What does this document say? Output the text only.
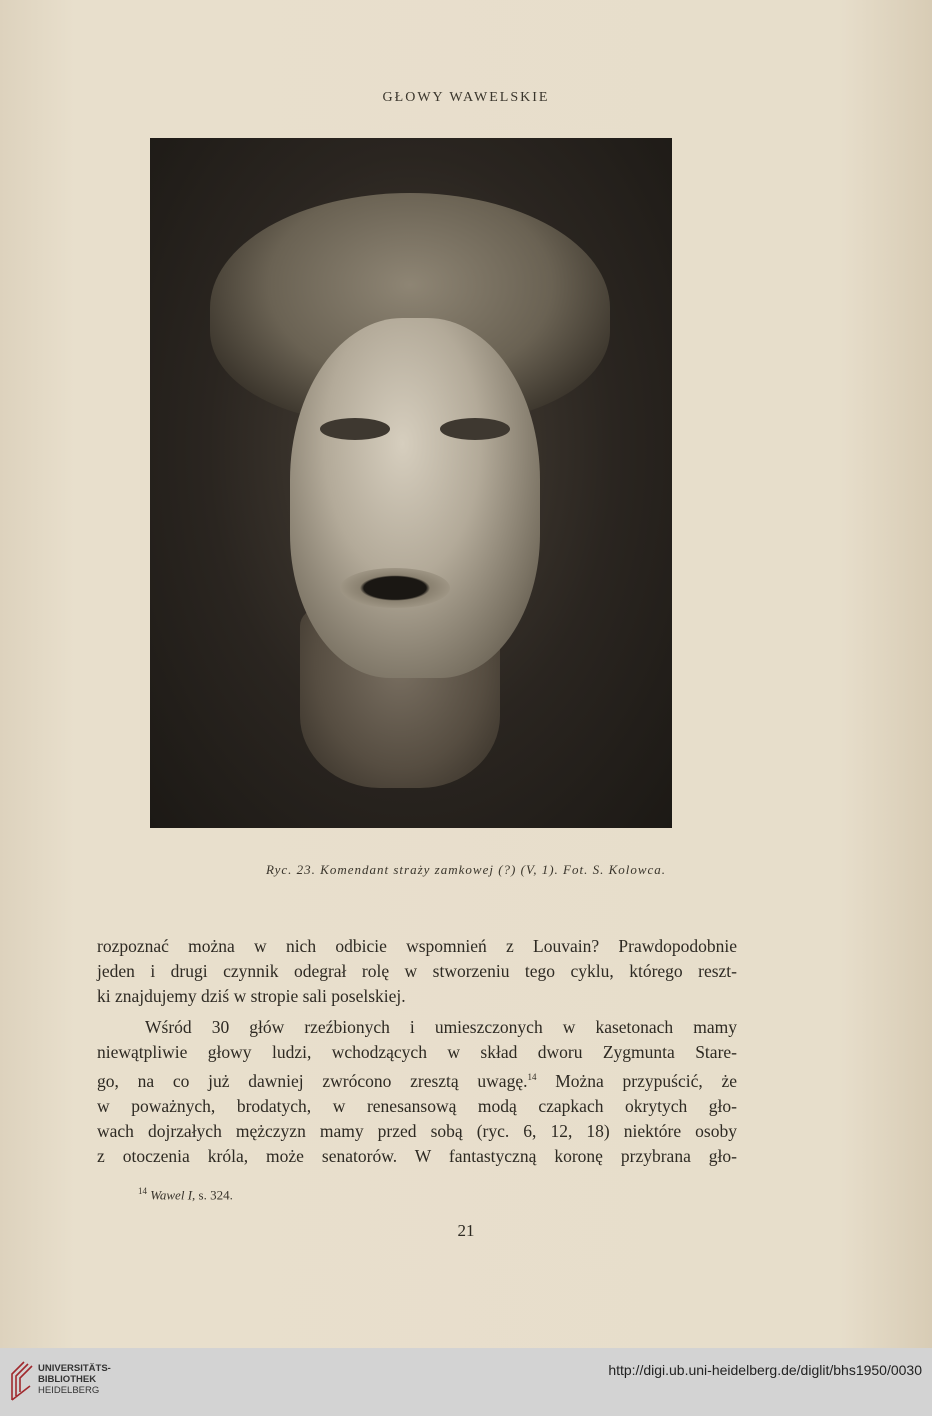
GŁOWY WAWELSKIE
Ryc. 23. Komendant straży zamkowej (?) (V, 1). Fot. S. Kolowca.
rozpoznać można w nich odbicie wspomnień z Louvain? Prawdopodobnie
jeden i drugi czynnik odegrał rolę w stworzeniu tego cyklu, którego reszt-
ki znajdujemy dziś w stropie sali poselskiej.
Wśród 30 głów rzeźbionych i umieszczonych w kasetonach mamy
niewątpliwie głowy ludzi, wchodzących w skład dworu Zygmunta Stare-
go, na co już dawniej zwrócono zresztą uwagę.$^{14}$ Można przypuścić, że
w poważnych, brodatych, w renesansową modą czapkach okrytych gło-
wach dojrzałych mężczyzn mamy przed sobą (ryc. 6, 12, 18) niektóre osoby
z otoczenia króla, może senatorów. W fantastyczną koronę przybrana gło-
$^{14}$ Wawel I, s. 324.
21
UNIVERSITÄTS-
BIBLIOTHEK
HEIDELBERG
http://digi.ub.uni-heidelberg.de/diglit/bhs1950/0030
